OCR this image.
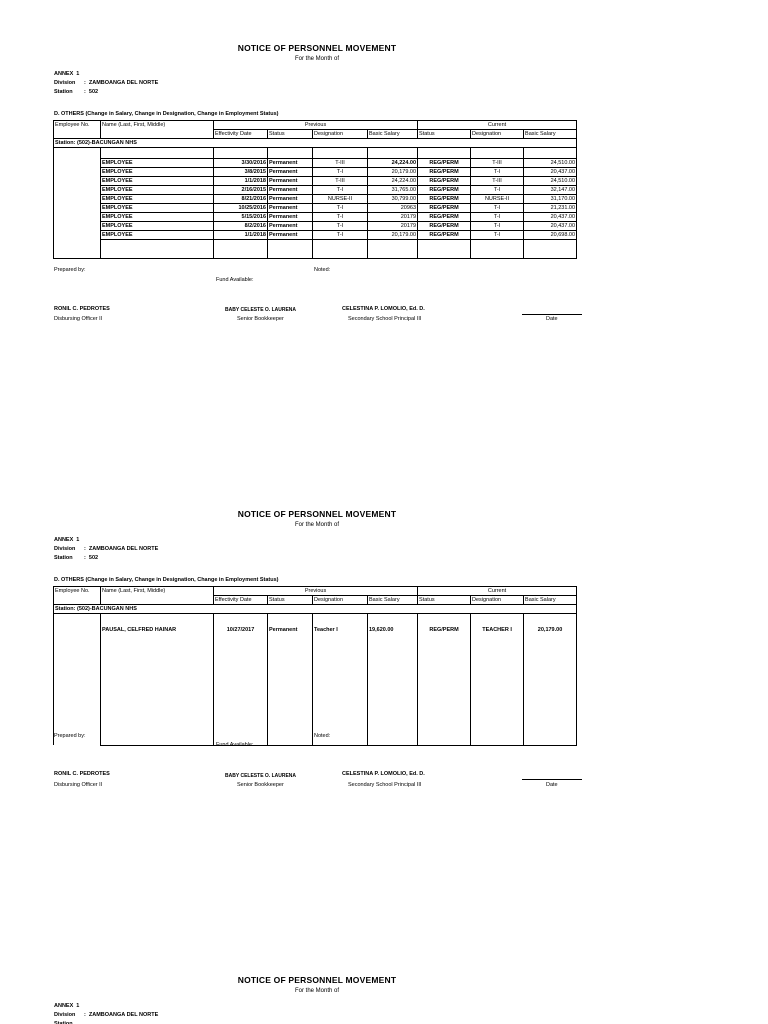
NOTICE OF PERSONNEL MOVEMENT
For the Month of
ANNEX  1
Division :  ZAMBOANGA DEL NORTE
Station :  502
D. OTHERS (Change in Salary, Change in Designation, Change in Employment Status)
Employee No.	Name (Last, First, Middle)	Previous				Current			
		Effectivity Date	Status	Designation	Basic Salary	Status	Designation	Basic Salary	
Station: (502)-BACUNGAN NHS									

	EMPLOYEE	3/30/2016	Permanent	T-III	24,224.00	REG/PERM	T-III	24,510.00	
	EMPLOYEE	3/8/2015	Permanent	T-I	20,179.00	REG/PERM	T-I	20,437.00	
	EMPLOYEE	1/1/2018	Permanent	T-III	24,224.00	REG/PERM	T-III	24,510.00	
	EMPLOYEE	2/16/2015	Permanent	T-I	31,765.00	REG/PERM	T-I	32,147.00	
	EMPLOYEE	8/21/2016	Permanent	NURSE-II	30,799.00	REG/PERM	NURSE-II	31,170.00	
	EMPLOYEE	10/25/2016	Permanent	T-I	20963	REG/PERM	T-I	21,231.00	
	EMPLOYEE	5/15/2016	Permanent	T-I	20179	REG/PERM	T-I	20,437.00	
	EMPLOYEE	8/2/2016	Permanent	T-I	20179	REG/PERM	T-I	20,437.00	
	EMPLOYEE	1/1/2018	Permanent	T-I	20,179.00	REG/PERM	T-I	20,698.00	

Prepared by:	Noted:
Fund Available:
RONIL C. PEDROTES
Disbursing Officer II
BABY CELESTE O. LAURENA
Senior Bookkeeper
CELESTINA P. LOMOLIO, Ed. D.
Secondary School Principal III	Date
NOTICE OF PERSONNEL MOVEMENT
For the Month of
ANNEX  1
Division :  ZAMBOANGA DEL NORTE
Station :  502
D. OTHERS (Change in Salary, Change in Designation, Change in Employment Status)
Employee No.	Name (Last, First, Middle)	Previous				Current			
		Effectivity Date	Status	Designation	Basic Salary	Status	Designation	Basic Salary	
Station: (502)-BACUNGAN NHS									
	PAUSAL, CELFRED HAINAR	10/27/2017	Permanent	Teacher I	19,620.00	REG/PERM	TEACHER I	20,179.00	
Prepared by:	Noted:
Fund Available:
RONIL C. PEDROTES
Disbursing Officer II
BABY CELESTE O. LAURENA
Senior Bookkeeper
CELESTINA P. LOMOLIO, Ed. D.
Secondary School Principal III	Date
NOTICE OF PERSONNEL MOVEMENT
For the Month of
ANNEX  1
Division :  ZAMBOANGA DEL NORTE
Station
